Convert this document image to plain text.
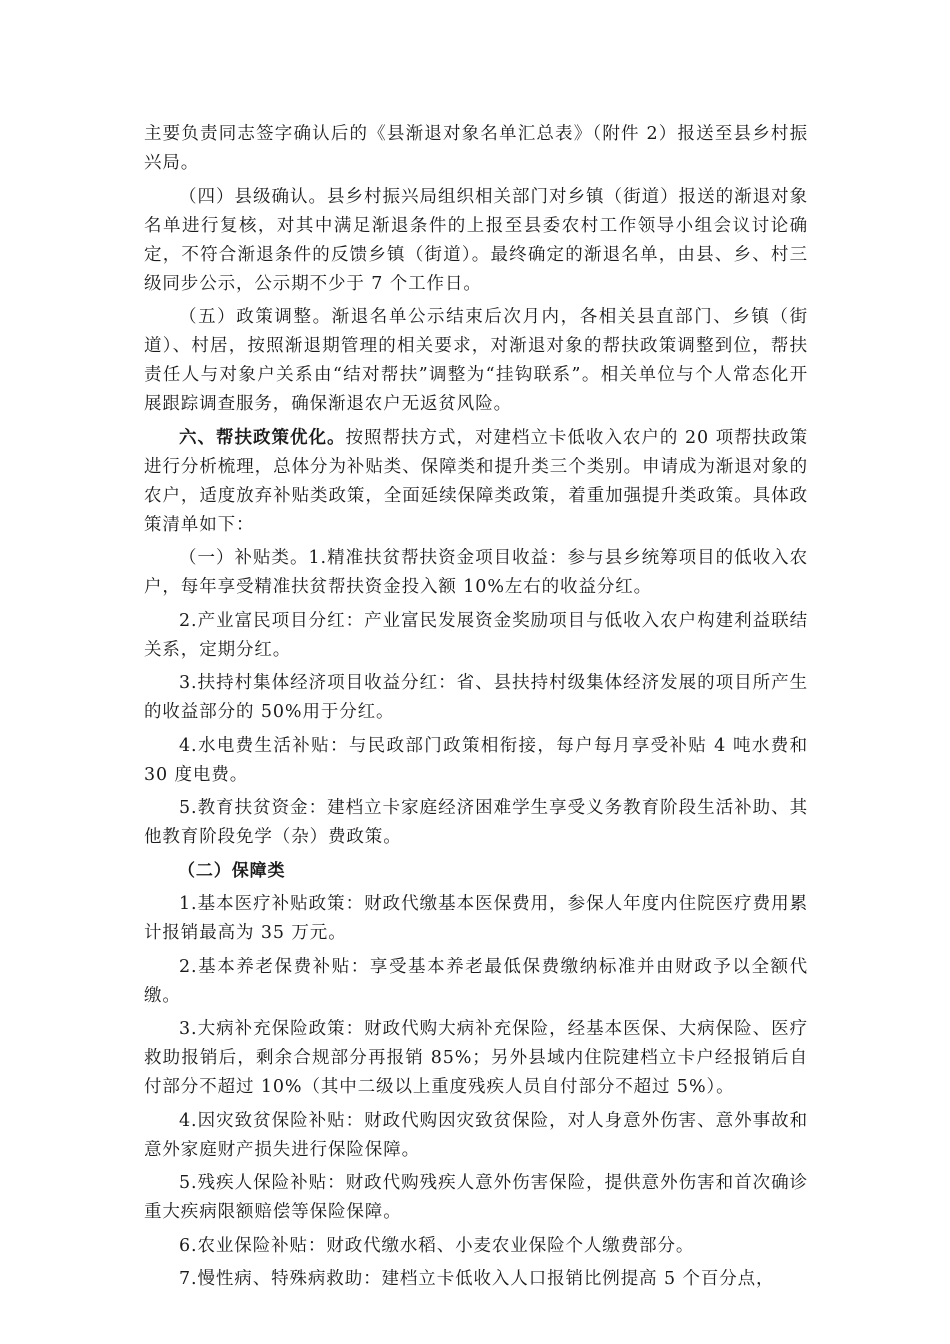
主要负责同志签字确认后的《县渐退对象名单汇总表》（附件 2）报送至县乡村振兴局。

（四）县级确认。县乡村振兴局组织相关部门对乡镇（街道）报送的渐退对象名单进行复核，对其中满足渐退条件的上报至县委农村工作领导小组会议讨论确定，不符合渐退条件的反馈乡镇（街道）。最终确定的渐退名单，由县、乡、村三级同步公示，公示期不少于 7 个工作日。

（五）政策调整。渐退名单公示结束后次月内，各相关县直部门、乡镇（街道）、村居，按照渐退期管理的相关要求，对渐退对象的帮扶政策调整到位，帮扶责任人与对象户关系由“结对帮扶”调整为“挂钩联系”。相关单位与个人常态化开展跟踪调查服务，确保渐退农户无返贫风险。

六、帮扶政策优化。按照帮扶方式，对建档立卡低收入农户的 20 项帮扶政策进行分析梳理，总体分为补贴类、保障类和提升类三个类别。申请成为渐退对象的农户，适度放弃补贴类政策，全面延续保障类政策，着重加强提升类政策。具体政策清单如下：

（一）补贴类。1.精准扶贫帮扶资金项目收益：参与县乡统筹项目的低收入农户，每年享受精准扶贫帮扶资金投入额 10%左右的收益分红。

2.产业富民项目分红：产业富民发展资金奖励项目与低收入农户构建利益联结关系，定期分红。

3.扶持村集体经济项目收益分红：省、县扶持村级集体经济发展的项目所产生的收益部分的 50%用于分红。

4.水电费生活补贴：与民政部门政策相衔接，每户每月享受补贴 4 吨水费和 30 度电费。

5.教育扶贫资金：建档立卡家庭经济困难学生享受义务教育阶段生活补助、其他教育阶段免学（杂）费政策。

（二）保障类

1.基本医疗补贴政策：财政代缴基本医保费用，参保人年度内住院医疗费用累计报销最高为 35 万元。

2.基本养老保费补贴：享受基本养老最低保费缴纳标准并由财政予以全额代缴。

3.大病补充保险政策：财政代购大病补充保险，经基本医保、大病保险、医疗救助报销后，剩余合规部分再报销 85%；另外县域内住院建档立卡户经报销后自付部分不超过 10%（其中二级以上重度残疾人员自付部分不超过 5%）。

4.因灾致贫保险补贴：财政代购因灾致贫保险，对人身意外伤害、意外事故和意外家庭财产损失进行保险保障。

5.残疾人保险补贴：财政代购残疾人意外伤害保险，提供意外伤害和首次确诊重大疾病限额赔偿等保险保障。

6.农业保险补贴：财政代缴水稻、小麦农业保险个人缴费部分。

7.慢性病、特殊病救助：建档立卡低收入人口报销比例提高 5 个百分点，
